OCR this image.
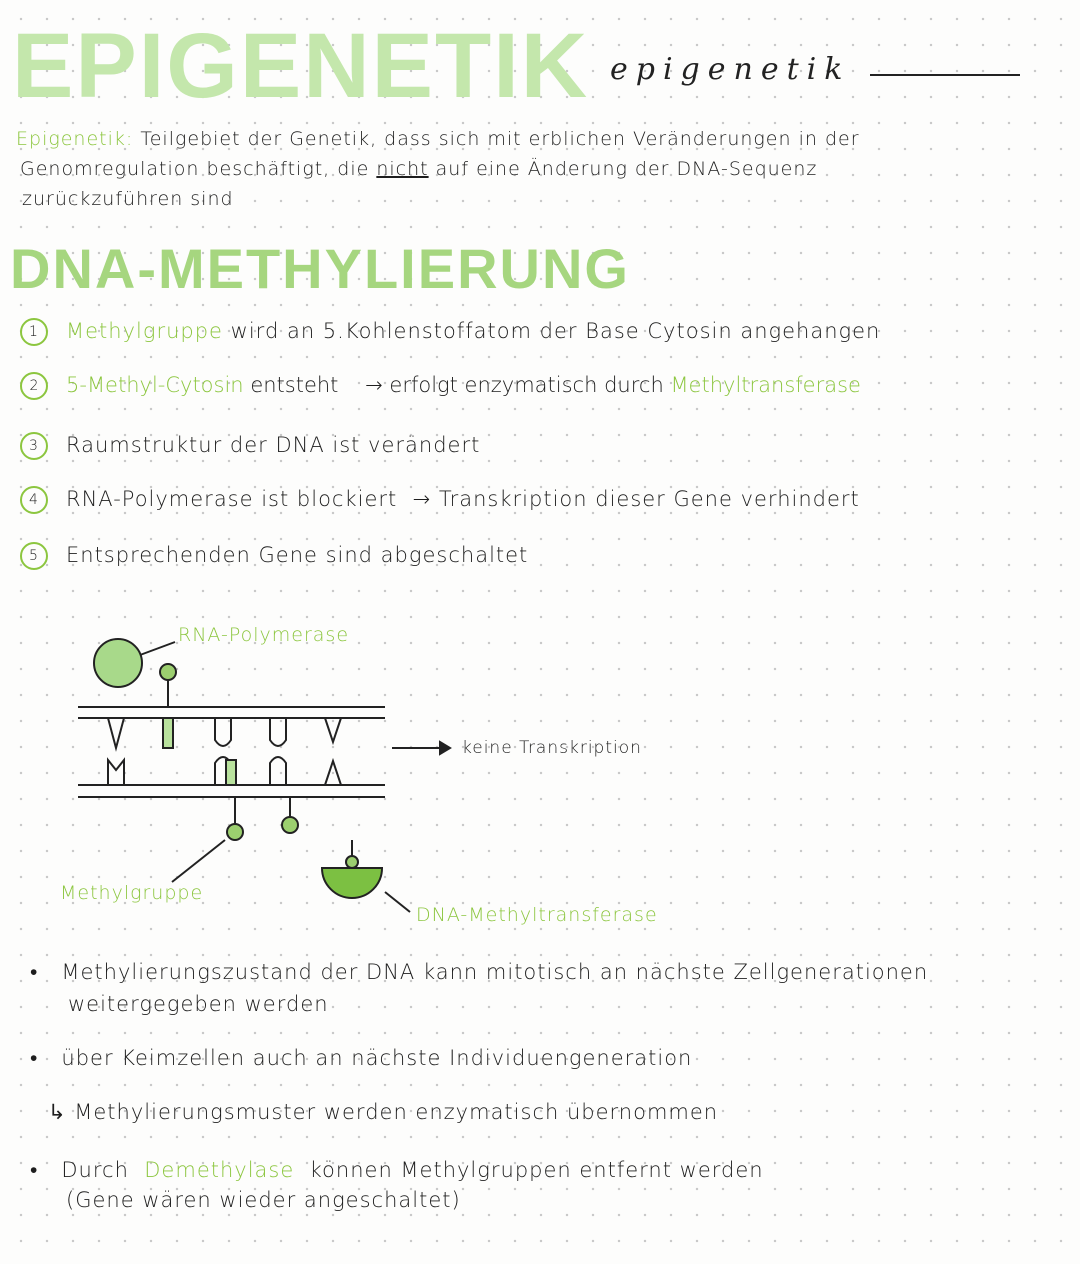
EPIGENETIK epigenetik
Epigenetik: Teilgebiet der Genetik, dass sich mit erblichen Veränderungen in der
Genomregulation beschäftigt, die nicht auf eine Änderung der DNA-Sequenz
zurückzuführen sind
DNA-METHYLIERUNG
1 Methylgruppe wird an 5.Kohlenstoffatom der Base Cytosin angehangen
2 5-Methyl-Cytosin entsteht → erfolgt enzymatisch durch Methyltransferase
3 Raumstruktur der DNA ist verändert
4 RNA-Polymerase ist blockiert → Transkription dieser Gene verhindert
5 Entsprechenden Gene sind abgeschaltet
RNA-Polymerase
keine Transkription
Methylgruppe
DNA-Methyltransferase
•   Methylierungszustand der DNA kann mitotisch an nächste Zellgenerationen
weitergegeben werden
•   über Keimzellen auch an nächste Individuengeneration
↳ Methylierungsmuster werden enzymatisch übernommen
•   Durch Demethylase können Methylgruppen entfernt werden
(Gene wären wieder angeschaltet)
